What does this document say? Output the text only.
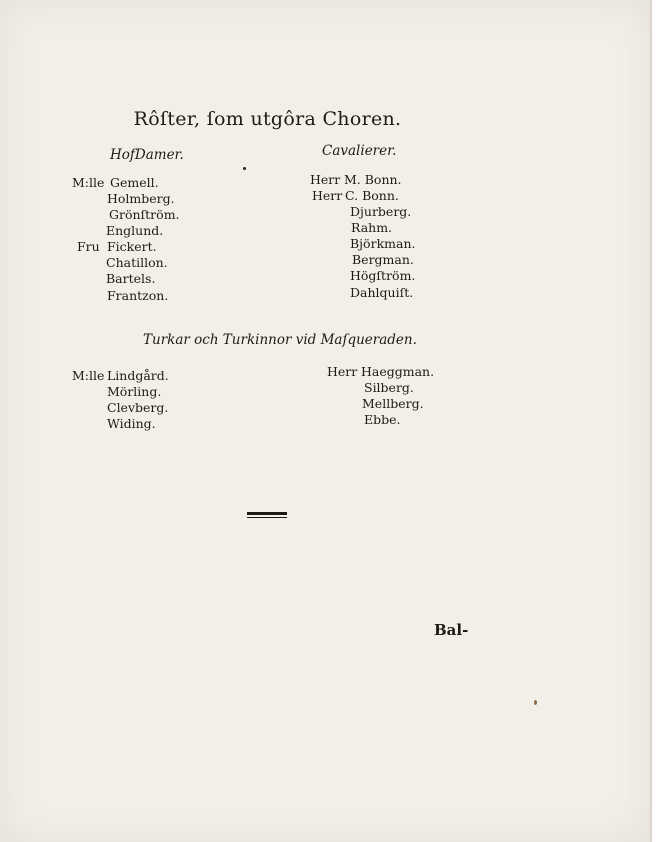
Rôſter, ſom utgôra Choren.
HofDamer.	Cavalierer.
M:lle Gemell.
Holmberg.
Grönſtröm.
Englund.
Fru Fickert.
Chatillon.
Bartels.
Frantzon.
Herr M. Bonn.
Herr C. Bonn.
Djurberg.
Rahm.
Björkman.
Bergman.
Högſtröm.
Dahlquiſt.
Turkar och Turkinnor vid Maſqueraden.
M:lle Lindgård.
Mörling.
Clevberg.
Widing.
Herr Haeggman.
Silberg.
Mellberg.
Ebbe.
Bal-
